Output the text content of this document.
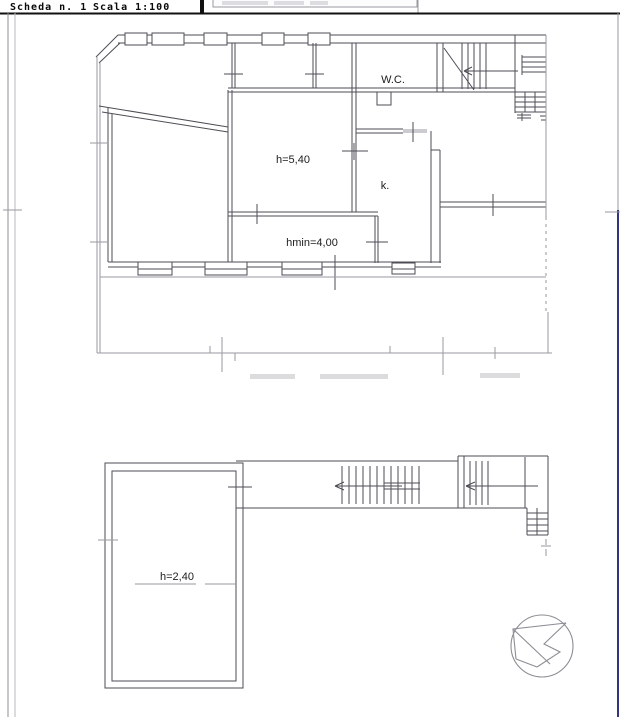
Scheda n. 1 Scala 1:100
W.C.
h=5,40
k.
hmin=4,00
h=2,40
